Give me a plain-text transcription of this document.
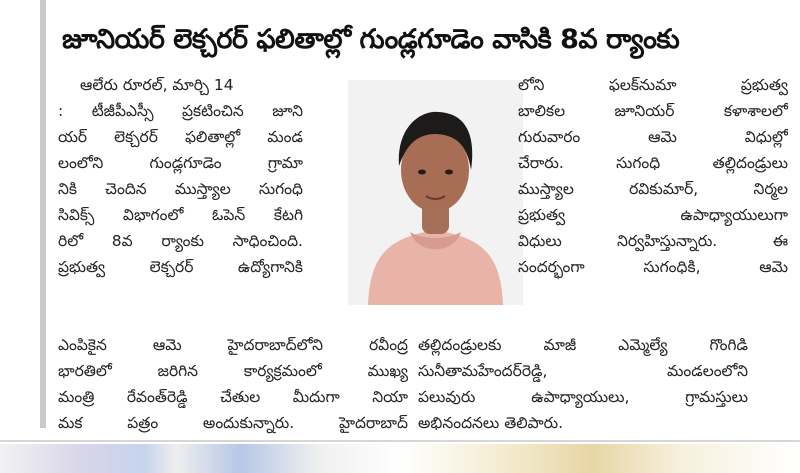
జూనియర్ లెక్చరర్ ఫలితాల్లో గుండ్లగూడెం వాసికి 8వ ర్యాంకు

ఆలేరు రూరల్, మార్చి 14

: టీజీపీఎస్సీ ప్రకటించిన జూని

యర్ లెక్చరర్ ఫలితాల్లో మండ

లంలోని గుండ్లగూడెం గ్రామా

నికి చెందిన ముస్త్యాల సుగంధి

సివిక్స్ విభాగంలో ఓపెన్ కేటగి

రిలో 8వ ర్యాంకు సాధించింది.

ప్రభుత్వ లెక్చరర్ ఉద్యోగానికి

లోని ఫలక్‌నుమా ప్రభుత్వ

బాలికల జూనియర్ కళాశాలలో

గురువారం ఆమె విధుల్లో

చేరారు. సుగంధి తల్లిదండ్రులు

ముస్త్యాల రవికుమార్, నిర్మల

ప్రభుత్వ ఉపాధ్యాయులుగా

విధులు నిర్వహిస్తున్నారు. ఈ

సందర్భంగా సుగంధికి, ఆమె

ఎంపికైన ఆమె హైదరాబాద్‌లోని రవీంద్ర

భారతిలో జరిగిన కార్యక్రమంలో ముఖ్య

మంత్రి రేవంత్‌రెడ్డి చేతుల మీదుగా నియా

మక పత్రం అందుకున్నారు. హైదరాబాద్

తల్లిదండ్రులకు మాజీ ఎమ్మెల్యే గొంగిడి

సునీతామహేందర్‌రెడ్డి, మండలంలోని

పలువురు ఉపాధ్యాయులు, గ్రామస్తులు

అభినందనలు తెలిపారు.
